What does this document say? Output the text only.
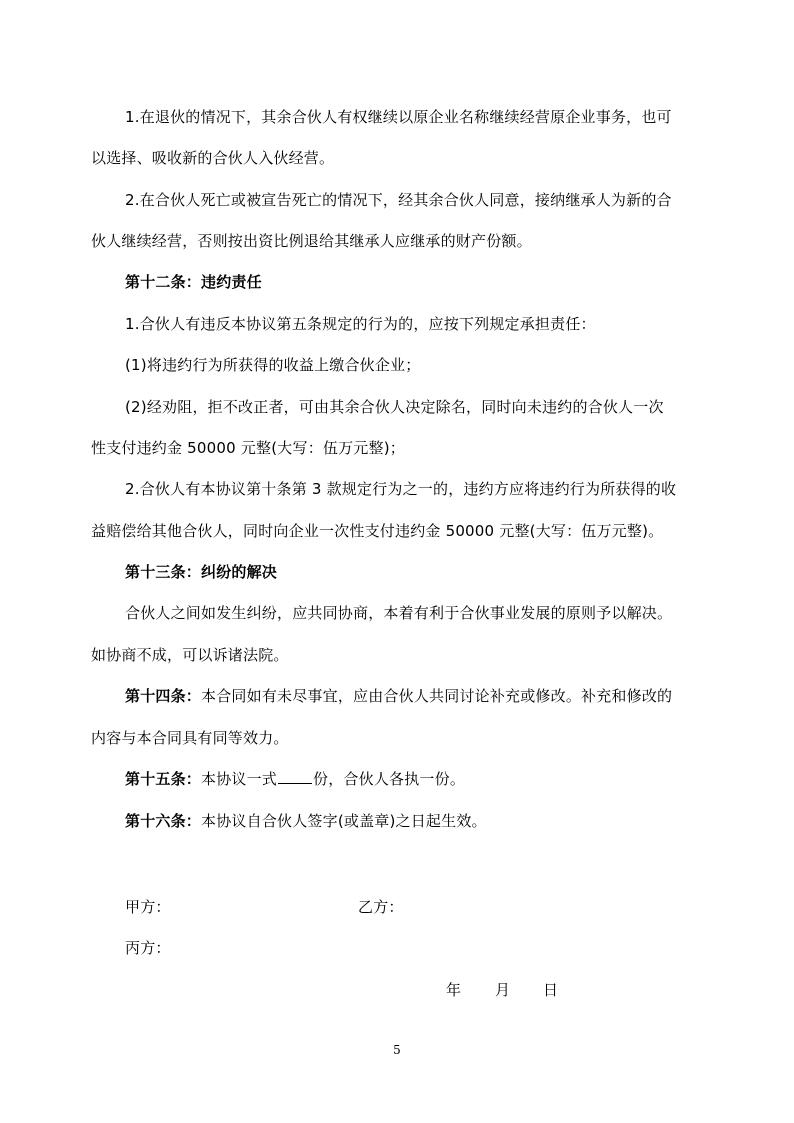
1.在退伙的情况下，其余合伙人有权继续以原企业名称继续经营原企业事务，也可
以选择、吸收新的合伙人入伙经营。
2.在合伙人死亡或被宣告死亡的情况下，经其余合伙人同意，接纳继承人为新的合
伙人继续经营，否则按出资比例退给其继承人应继承的财产份额。
第十二条：违约责任
1.合伙人有违反本协议第五条规定的行为的，应按下列规定承担责任：
(1)将违约行为所获得的收益上缴合伙企业；
(2)经劝阻，拒不改正者，可由其余合伙人决定除名，同时向未违约的合伙人一次
性支付违约金 50000 元整(大写：伍万元整)；
2.合伙人有本协议第十条第 3 款规定行为之一的，违约方应将违约行为所获得的收
益赔偿给其他合伙人，同时向企业一次性支付违约金 50000 元整(大写：伍万元整)。
第十三条：纠纷的解决
合伙人之间如发生纠纷，应共同协商，本着有利于合伙事业发展的原则予以解决。
如协商不成，可以诉诸法院。
第十四条：本合同如有未尽事宜，应由合伙人共同讨论补充或修改。补充和修改的
内容与本合同具有同等效力。
第十五条：本协议一式 份，合伙人各执一份。
第十六条：本协议自合伙人签字(或盖章)之日起生效。
甲方：	乙方：
丙方：
年 月 日
5
